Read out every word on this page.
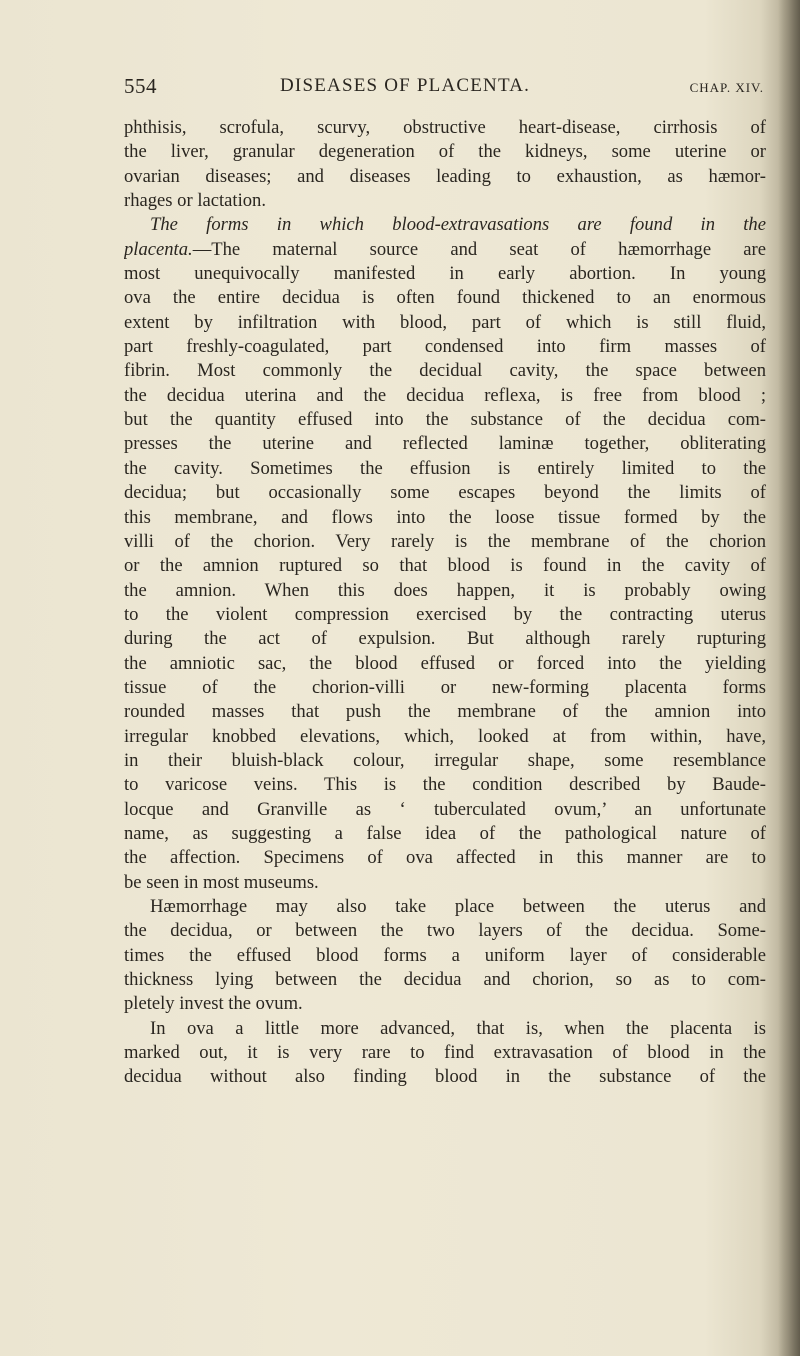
554	DISEASES OF PLACENTA.	CHAP. XIV.
phthisis, scrofula, scurvy, obstructive heart-disease, cirrhosis of
the liver, granular degeneration of the kidneys, some uterine or
ovarian diseases; and diseases leading to exhaustion, as hæmor-
rhages or lactation.
The forms in which blood-extravasations are found in the
placenta.—The maternal source and seat of hæmorrhage are
most unequivocally manifested in early abortion. In young
ova the entire decidua is often found thickened to an enormous
extent by infiltration with blood, part of which is still fluid,
part freshly-coagulated, part condensed into firm masses of
fibrin. Most commonly the decidual cavity, the space between
the decidua uterina and the decidua reflexa, is free from blood ;
but the quantity effused into the substance of the decidua com-
presses the uterine and reflected laminæ together, obliterating
the cavity. Sometimes the effusion is entirely limited to the
decidua; but occasionally some escapes beyond the limits of
this membrane, and flows into the loose tissue formed by the
villi of the chorion. Very rarely is the membrane of the chorion
or the amnion ruptured so that blood is found in the cavity of
the amnion. When this does happen, it is probably owing
to the violent compression exercised by the contracting uterus
during the act of expulsion. But although rarely rupturing
the amniotic sac, the blood effused or forced into the yielding
tissue of the chorion-villi or new-forming placenta forms
rounded masses that push the membrane of the amnion into
irregular knobbed elevations, which, looked at from within, have,
in their bluish-black colour, irregular shape, some resemblance
to varicose veins. This is the condition described by Baude-
locque and Granville as ‘ tuberculated ovum,’ an unfortunate
name, as suggesting a false idea of the pathological nature of
the affection. Specimens of ova affected in this manner are to
be seen in most museums.
Hæmorrhage may also take place between the uterus and
the decidua, or between the two layers of the decidua. Some-
times the effused blood forms a uniform layer of considerable
thickness lying between the decidua and chorion, so as to com-
pletely invest the ovum.
In ova a little more advanced, that is, when the placenta is
marked out, it is very rare to find extravasation of blood in the
decidua without also finding blood in the substance of the
